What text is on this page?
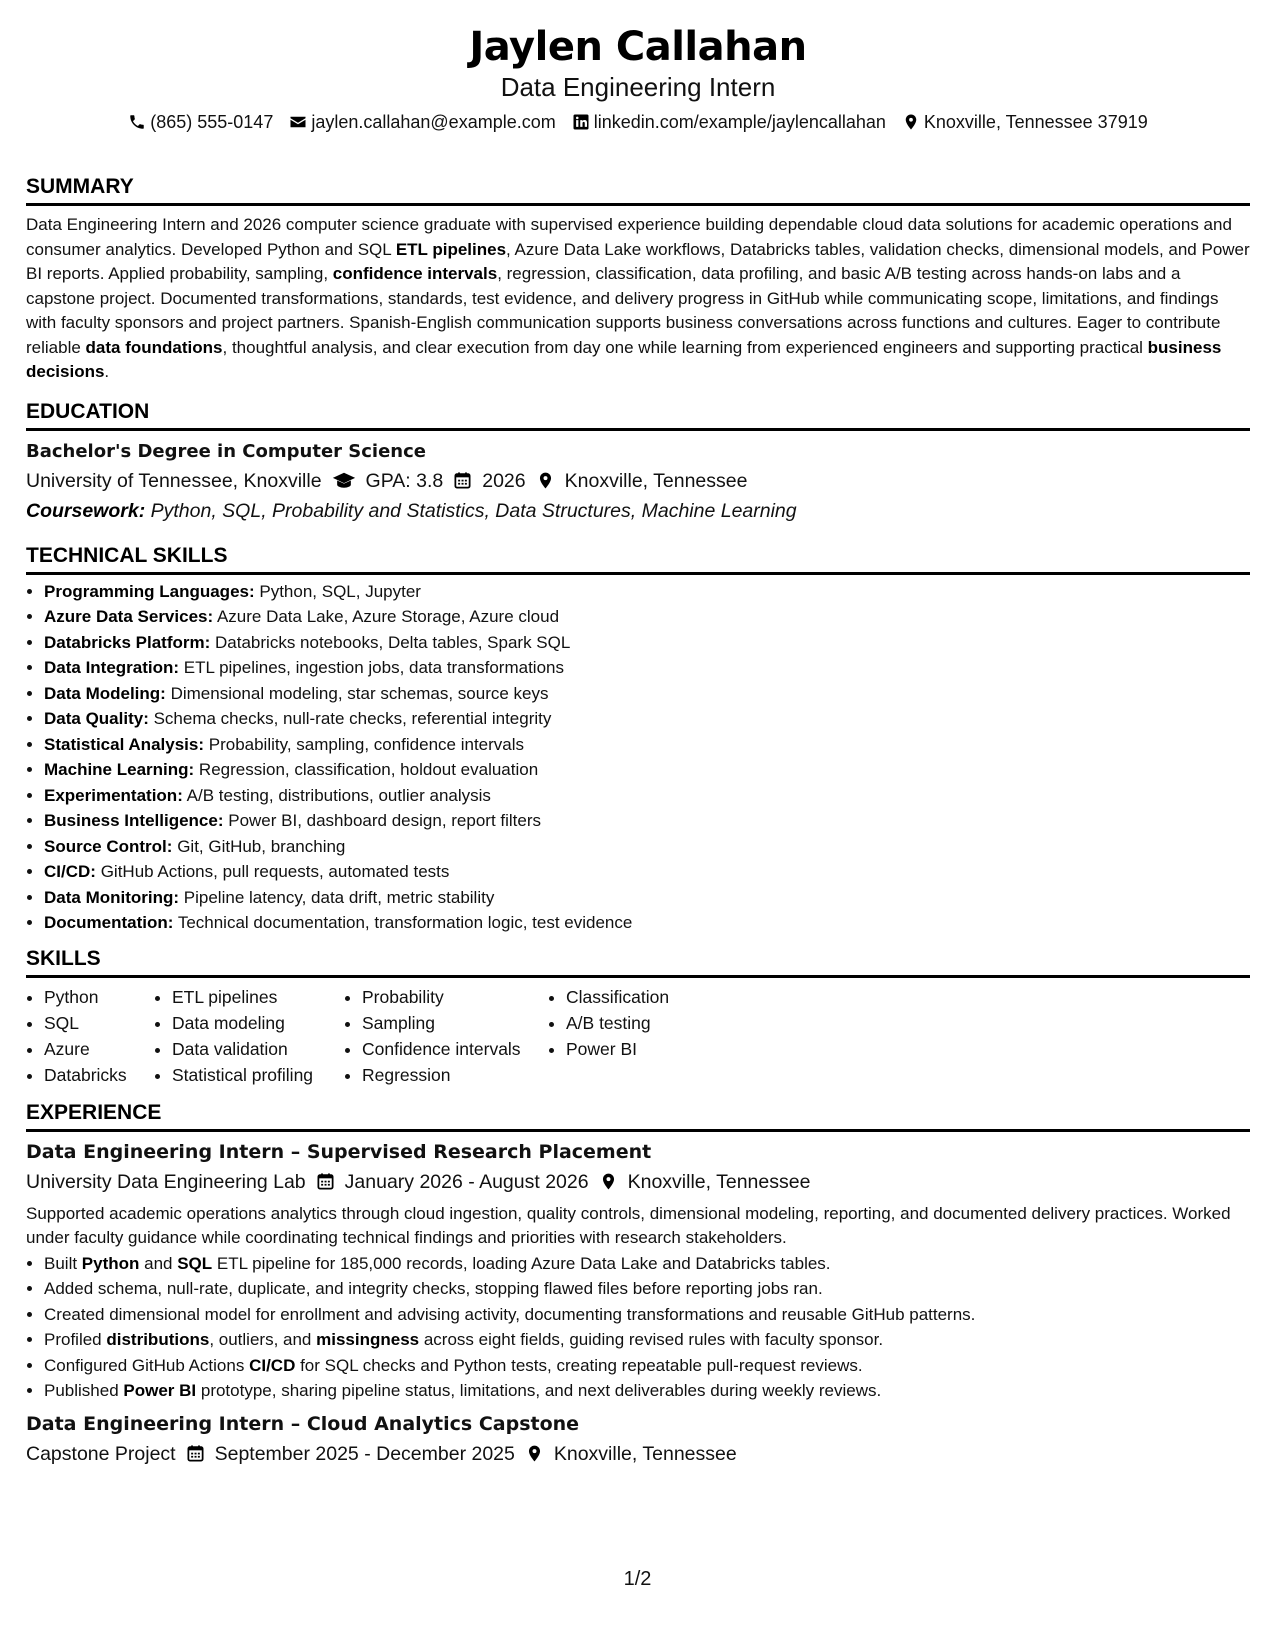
Jaylen Callahan
Data Engineering Intern
(865) 555-0147 jaylen.callahan@example.com linkedin.com/example/jaylencallahan Knoxville, Tennessee 37919
SUMMARY
Data Engineering Intern and 2026 computer science graduate with supervised experience building dependable cloud data solutions for academic operations and consumer analytics. Developed Python and SQL ETL pipelines, Azure Data Lake workflows, Databricks tables, validation checks, dimensional models, and Power BI reports. Applied probability, sampling, confidence intervals, regression, classification, data profiling, and basic A/B testing across hands-on labs and a capstone project. Documented transformations, standards, test evidence, and delivery progress in GitHub while communicating scope, limitations, and findings with faculty sponsors and project partners. Spanish-English communication supports business conversations across functions and cultures. Eager to contribute reliable data foundations, thoughtful analysis, and clear execution from day one while learning from experienced engineers and supporting practical business decisions.
EDUCATION
Bachelor's Degree in Computer Science
University of Tennessee, Knoxville GPA: 3.8 2026 Knoxville, Tennessee
Coursework: Python, SQL, Probability and Statistics, Data Structures, Machine Learning
TECHNICAL SKILLS
• Programming Languages: Python, SQL, Jupyter
• Azure Data Services: Azure Data Lake, Azure Storage, Azure cloud
• Databricks Platform: Databricks notebooks, Delta tables, Spark SQL
• Data Integration: ETL pipelines, ingestion jobs, data transformations
• Data Modeling: Dimensional modeling, star schemas, source keys
• Data Quality: Schema checks, null-rate checks, referential integrity
• Statistical Analysis: Probability, sampling, confidence intervals
• Machine Learning: Regression, classification, holdout evaluation
• Experimentation: A/B testing, distributions, outlier analysis
• Business Intelligence: Power BI, dashboard design, report filters
• Source Control: Git, GitHub, branching
• CI/CD: GitHub Actions, pull requests, automated tests
• Data Monitoring: Pipeline latency, data drift, metric stability
• Documentation: Technical documentation, transformation logic, test evidence
SKILLS
• Python
• SQL
• Azure
• Databricks
• ETL pipelines
• Data modeling
• Data validation
• Statistical profiling
• Probability
• Sampling
• Confidence intervals
• Regression
• Classification
• A/B testing
• Power BI
EXPERIENCE
Data Engineering Intern – Supervised Research Placement
University Data Engineering Lab January 2026 - August 2026 Knoxville, Tennessee
Supported academic operations analytics through cloud ingestion, quality controls, dimensional modeling, reporting, and documented delivery practices. Worked under faculty guidance while coordinating technical findings and priorities with research stakeholders.
• Built Python and SQL ETL pipeline for 185,000 records, loading Azure Data Lake and Databricks tables.
• Added schema, null-rate, duplicate, and integrity checks, stopping flawed files before reporting jobs ran.
• Created dimensional model for enrollment and advising activity, documenting transformations and reusable GitHub patterns.
• Profiled distributions, outliers, and missingness across eight fields, guiding revised rules with faculty sponsor.
• Configured GitHub Actions CI/CD for SQL checks and Python tests, creating repeatable pull-request reviews.
• Published Power BI prototype, sharing pipeline status, limitations, and next deliverables during weekly reviews.
Data Engineering Intern – Cloud Analytics Capstone
Capstone Project September 2025 - December 2025 Knoxville, Tennessee
1/2
